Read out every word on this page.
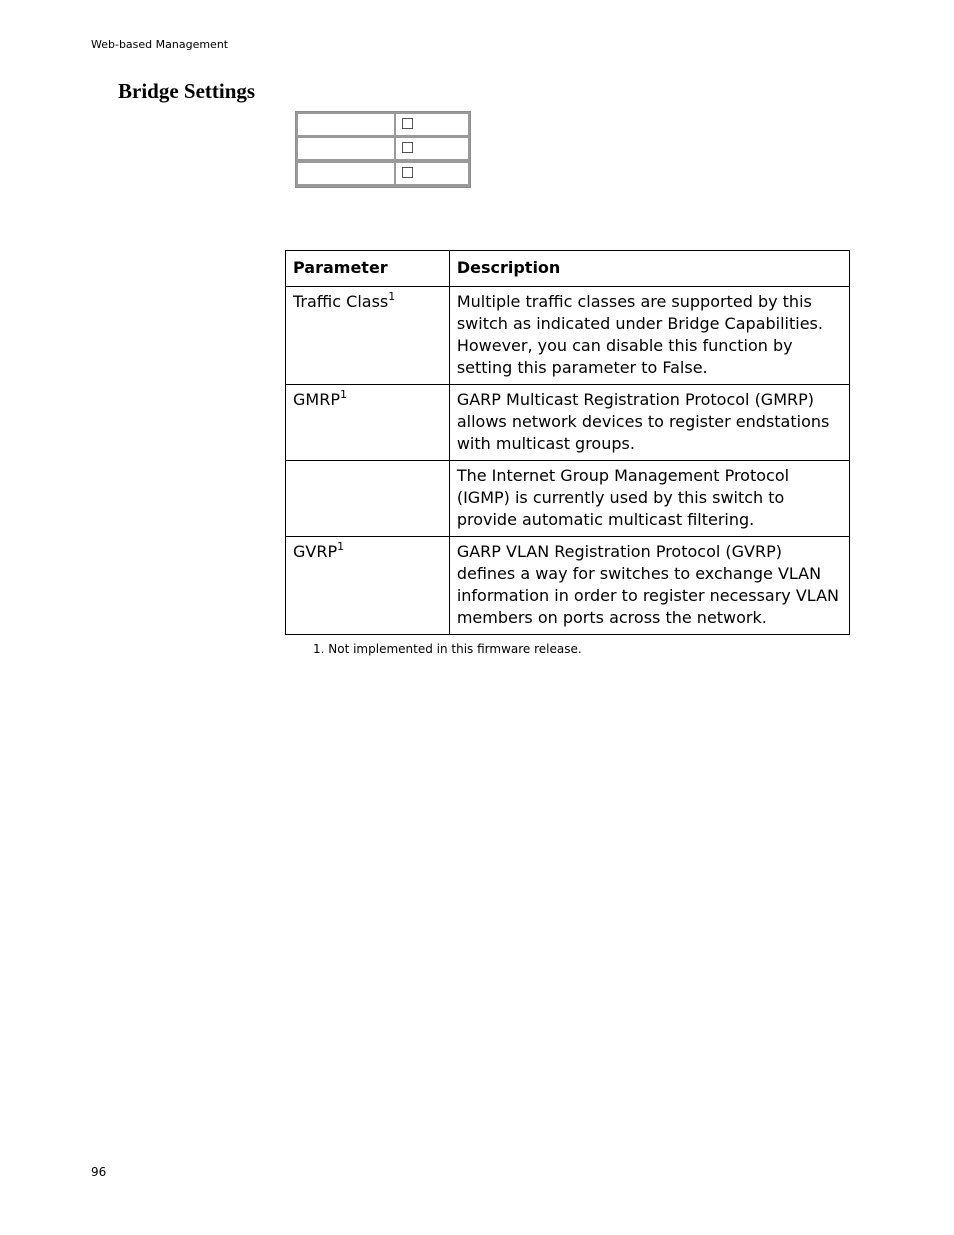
Web-based Management
Bridge Settings
Parameter	Description
Traffic Class$^1$	Multiple traffic classes are supported by this switch as indicated under Bridge Capabilities. However, you can disable this function by setting this parameter to False.
GMRP$^1$	GARP Multicast Registration Protocol (GMRP) allows network devices to register endstations with multicast groups.
	The Internet Group Management Protocol (IGMP) is currently used by this switch to provide automatic multicast filtering.
GVRP$^1$	GARP VLAN Registration Protocol (GVRP) defines a way for switches to exchange VLAN information in order to register necessary VLAN members on ports across the network.
1. Not implemented in this firmware release.
96
